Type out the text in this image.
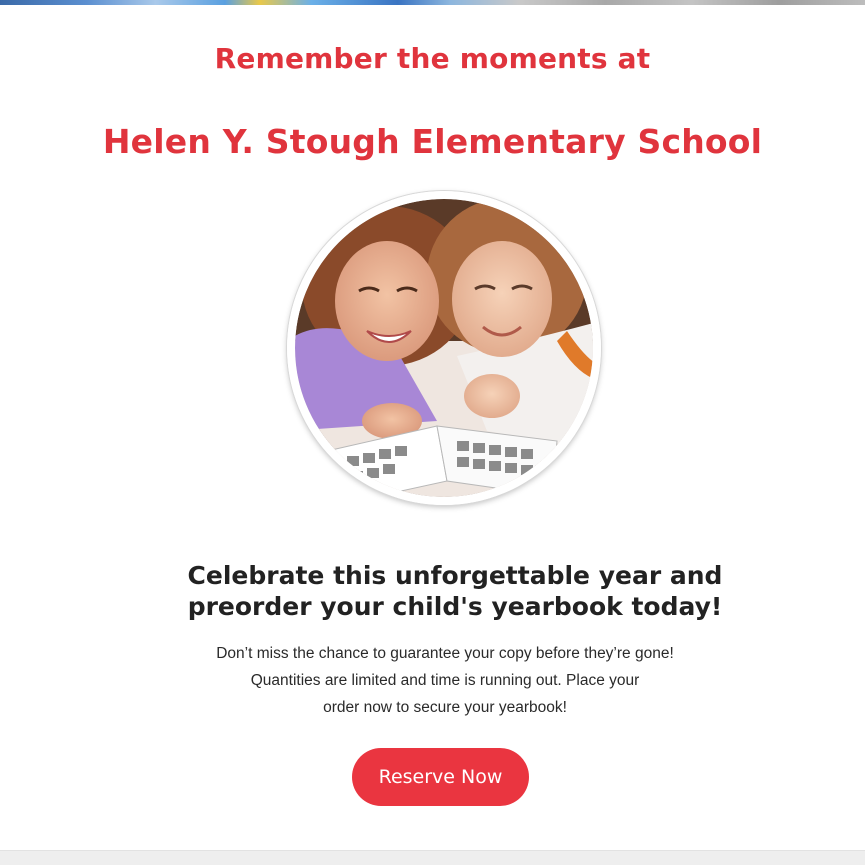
Remember the moments at
Helen Y. Stough Elementary School
Celebrate this unforgettable year and
preorder your child's yearbook today!

Don’t miss the chance to guarantee your copy before they’re gone!
Quantities are limited and time is running out. Place your
order now to secure your yearbook!

Reserve Now
